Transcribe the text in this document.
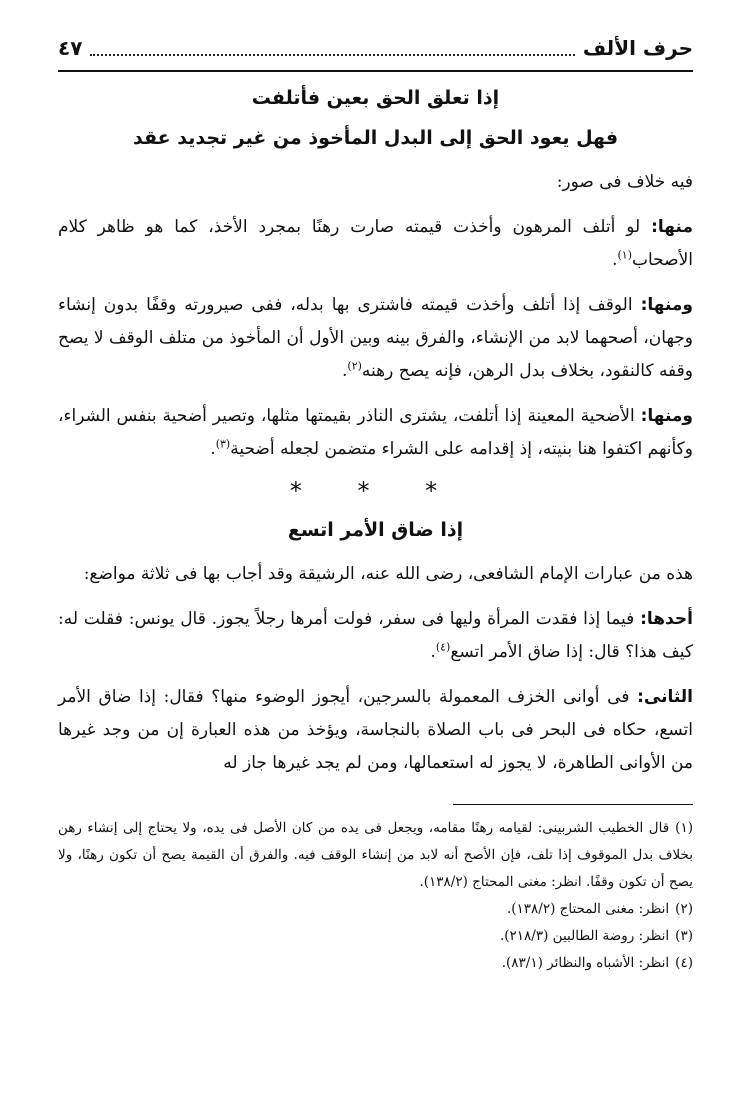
حرف الألف
٤٧
إذا تعلق الحق بعين فأتلفت
فهل يعود الحق إلى البدل المأخوذ من غير تجديد عقد

فيه خلاف فى صور:

منها: لو أتلف المرهون وأخذت قيمته صارت رهنًا بمجرد الأخذ، كما هو ظاهر كلام الأصحاب$^{(١)}$.

ومنها: الوقف إذا أتلف وأخذت قيمته فاشترى بها بدله، ففى صيرورته وقفًا بدون إنشاء وجهان، أصحهما لابد من الإنشاء، والفرق بينه وبين الأول أن المأخوذ من متلف الوقف لا يصح وقفه كالنقود، بخلاف بدل الرهن، فإنه يصح رهنه$^{(٢)}$.

ومنها: الأضحية المعينة إذا أتلفت، يشترى الناذر بقيمتها مثلها، وتصير أضحية بنفس الشراء، وكأنهم اكتفوا هنا بنيته، إذ إقدامه على الشراء متضمن لجعله أضحية$^{(٣)}$.

* * *
إذا ضاق الأمر اتسع

هذه من عبارات الإمام الشافعى، رضى الله عنه، الرشيقة وقد أجاب بها فى ثلاثة مواضع:

أحدها: فيما إذا فقدت المرأة وليها فى سفر، فولت أمرها رجلاً يجوز. قال يونس: فقلت له: كيف هذا؟ قال: إذا ضاق الأمر اتسع$^{(٤)}$.

الثانى: فى أوانى الخزف المعمولة بالسرجين، أيجوز الوضوء منها؟ فقال: إذا ضاق الأمر اتسع، حكاه فى البحر فى باب الصلاة بالنجاسة، ويؤخذ من هذه العبارة إن من وجد غيرها من الأوانى الطاهرة، لا يجوز له استعمالها، ومن لم يجد غيرها جاز له

(١)قال الخطيب الشربينى: لقيامه رهنًا مقامه، ويجعل فى يده من كان الأصل فى يده، ولا يحتاج إلى إنشاء رهن بخلاف بدل الموقوف إذا تلف، فإن الأصح أنه لابد من إنشاء الوقف فيه. والفرق أن القيمة يصح أن تكون رهنًا، ولا يصح أن تكون وقفًا. انظر: مغنى المحتاج (١٣٨/٢).
(٢)انظر: مغنى المحتاج (١٣٨/٢).
(٣)انظر: روضة الطالبين (٢١٨/٣).
(٤)انظر: الأشباه والنظائر (٨٣/١).
